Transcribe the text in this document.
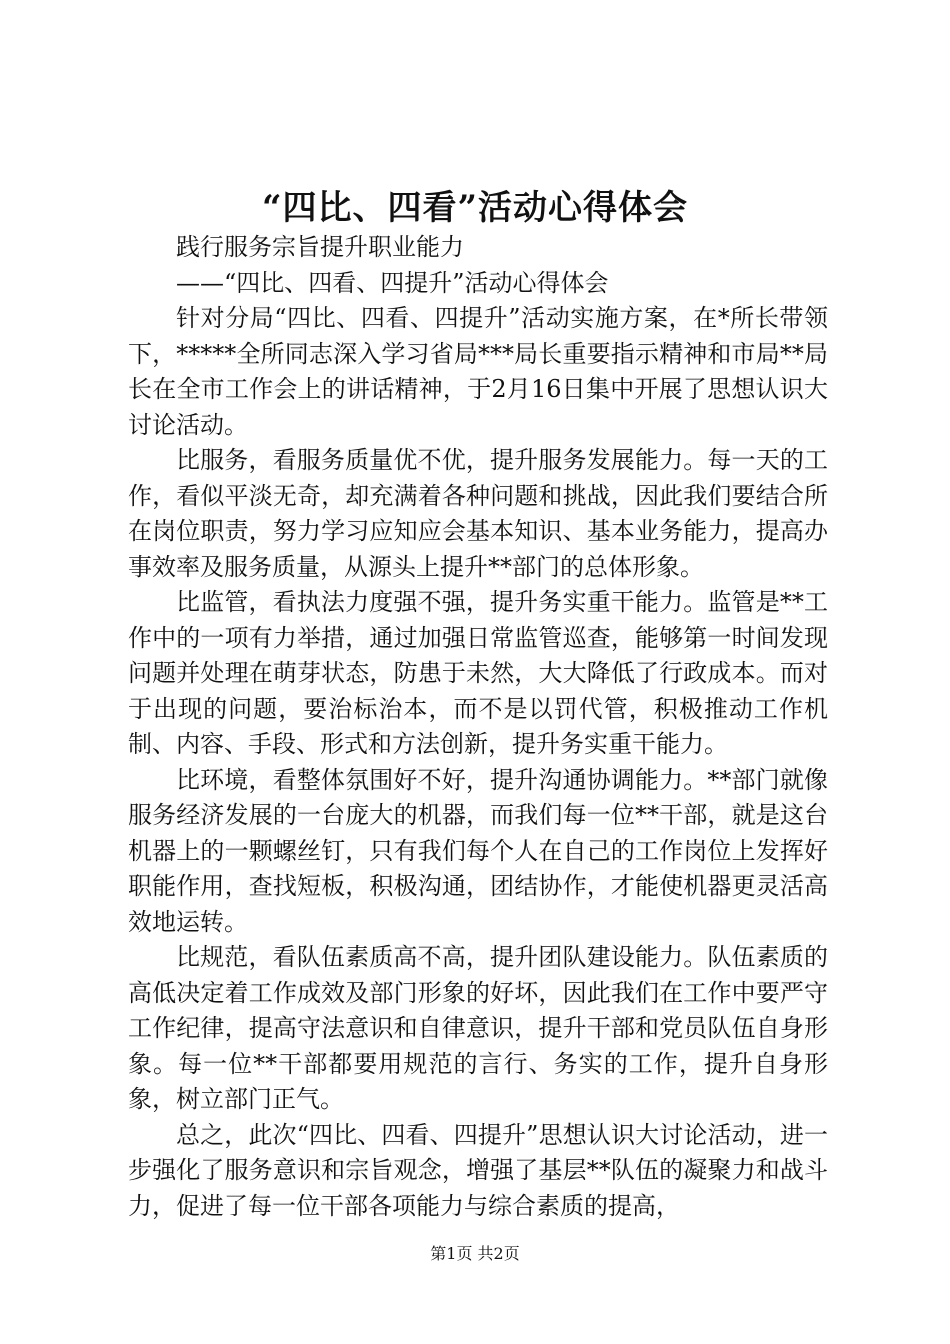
“四比、四看”活动心得体会

践行服务宗旨提升职业能力

——“四比、四看、四提升”活动心得体会

针对分局“四比、四看、四提升”活动实施方案，在*所长带领下，*****全所同志深入学习省局***局长重要指示精神和市局**局长在全市工作会上的讲话精神，于2月16日集中开展了思想认识大讨论活动。

比服务，看服务质量优不优，提升服务发展能力。每一天的工作，看似平淡无奇，却充满着各种问题和挑战，因此我们要结合所在岗位职责，努力学习应知应会基本知识、基本业务能力，提高办事效率及服务质量，从源头上提升**部门的总体形象。

比监管，看执法力度强不强，提升务实重干能力。监管是**工作中的一项有力举措，通过加强日常监管巡查，能够第一时间发现问题并处理在萌芽状态，防患于未然，大大降低了行政成本。而对于出现的问题，要治标治本，而不是以罚代管，积极推动工作机制、内容、手段、形式和方法创新，提升务实重干能力。

比环境，看整体氛围好不好，提升沟通协调能力。**部门就像服务经济发展的一台庞大的机器，而我们每一位**干部，就是这台机器上的一颗螺丝钉，只有我们每个人在自己的工作岗位上发挥好职能作用，查找短板，积极沟通，团结协作，才能使机器更灵活高效地运转。

比规范，看队伍素质高不高，提升团队建设能力。队伍素质的高低决定着工作成效及部门形象的好坏，因此我们在工作中要严守工作纪律，提高守法意识和自律意识，提升干部和党员队伍自身形象。每一位**干部都要用规范的言行、务实的工作，提升自身形象，树立部门正气。

总之，此次“四比、四看、四提升”思想认识大讨论活动，进一步强化了服务意识和宗旨观念，增强了基层**队伍的凝聚力和战斗力，促进了每一位干部各项能力与综合素质的提高，

第1页 共2页
